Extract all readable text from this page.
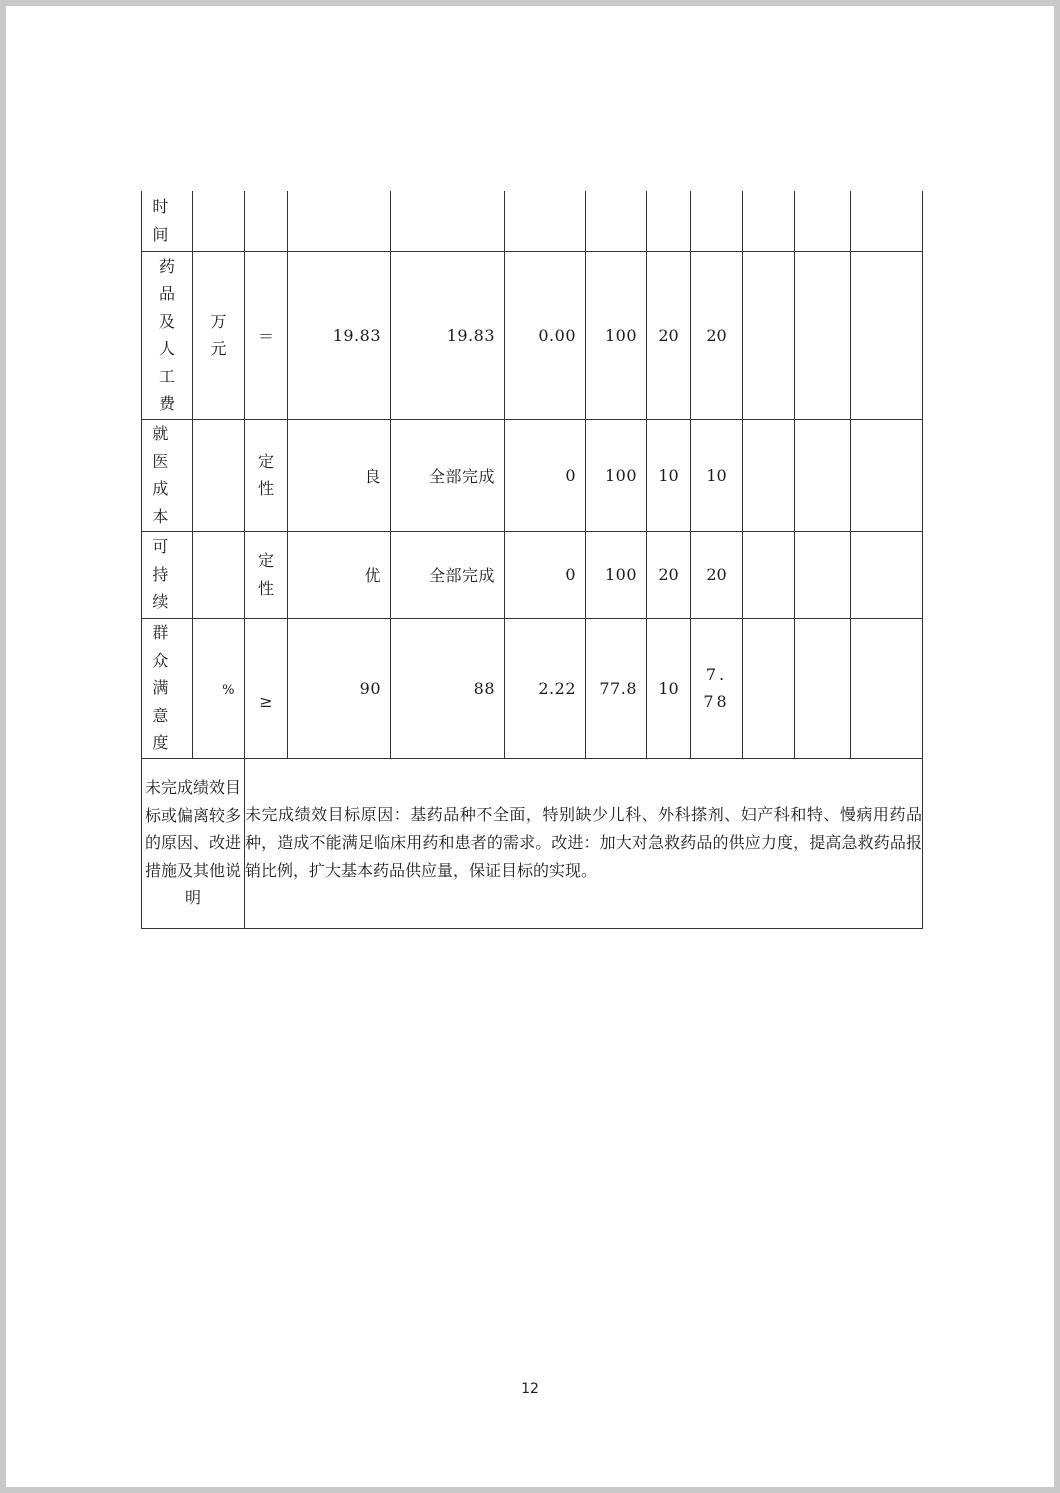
时间											

药品及人工费	万元	＝	19.83	19.83	0.00	100	20	20			

就医成本		定性	良	全部完成	0	100	10	10			

可持续		定性	优	全部完成	0	100	20	20			

群众满意度	%	≥	90	88	2.22	77.8	10	7.78			

未完成绩效目标或偏离较多的原因、改进措施及其他说明		未完成绩效目标原因：基药品种不全面，特别缺少儿科、外科搽剂、妇产科和特、慢病用药品种，造成不能满足临床用药和患者的需求。改进：加大对急救药品的供应力度，提高急救药品报销比例，扩大基本药品供应量，保证目标的实现。									
12
